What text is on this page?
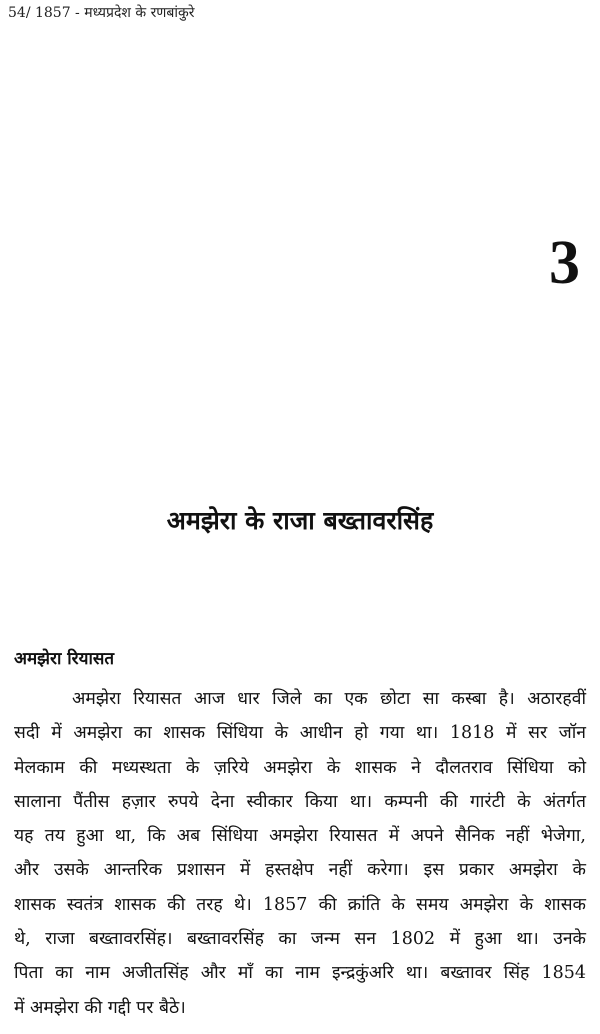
54/ 1857 - मध्यप्रदेश के रणबांकुरे
3
अमझेरा के राजा बख्तावरसिंह
अमझेरा रियासत
अमझेरा रियासत आज धार जिले का एक छोटा सा कस्बा है। अठारहवीं
सदी में अमझेरा का शासक सिंधिया के आधीन हो गया था। 1818 में सर जॉन
मेलकाम की मध्यस्थता के ज़रिये अमझेरा के शासक ने दौलतराव सिंधिया को
सालाना पैंतीस हज़ार रुपये देना स्वीकार किया था। कम्पनी की गारंटी के अंतर्गत
यह तय हुआ था, कि अब सिंधिया अमझेरा रियासत में अपने सैनिक नहीं भेजेगा,
और उसके आन्तरिक प्रशासन में हस्तक्षेप नहीं करेगा। इस प्रकार अमझेरा के
शासक स्वतंत्र शासक की तरह थे। 1857 की क्रांति के समय अमझेरा के शासक
थे, राजा बख्तावरसिंह। बख्तावरसिंह का जन्म सन 1802 में हुआ था। उनके
पिता का नाम अजीतसिंह और माँ का नाम इन्द्रकुंअरि था। बख्तावर सिंह 1854
में अमझेरा की गद्दी पर बैठे।
